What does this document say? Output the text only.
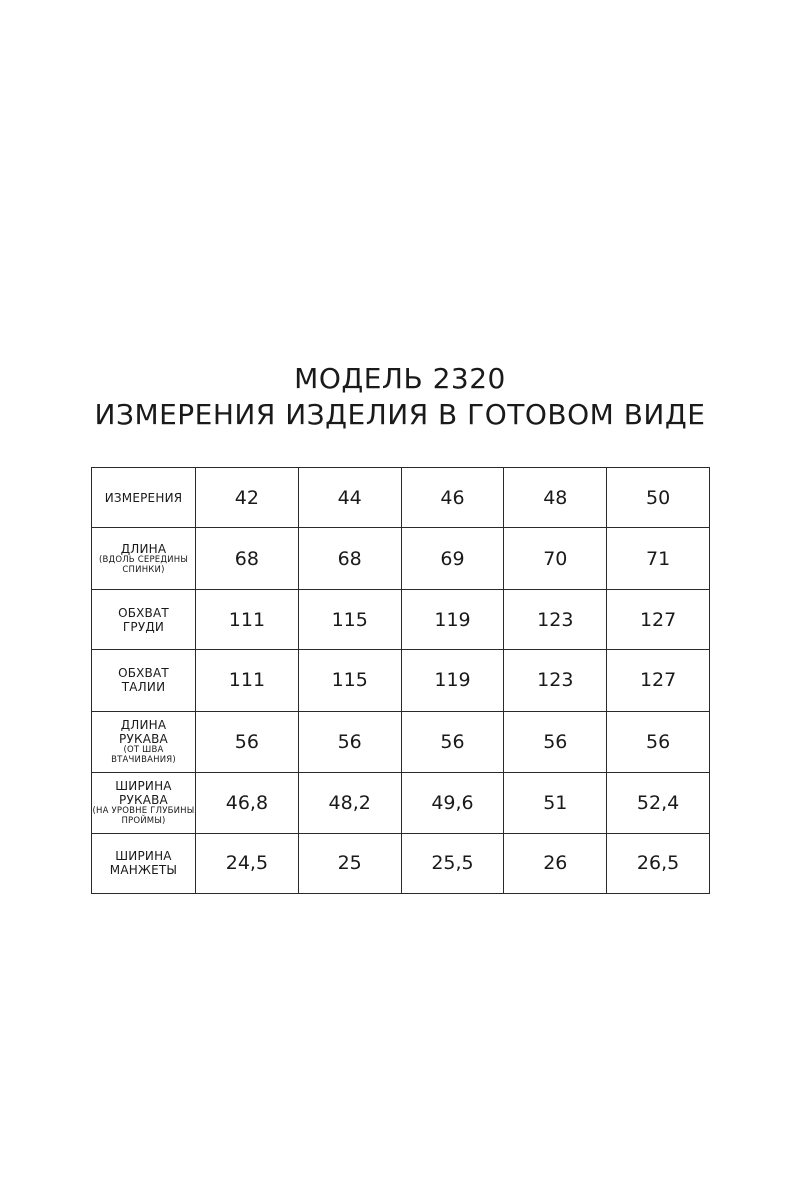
МОДЕЛЬ 2320
ИЗМЕРЕНИЯ ИЗДЕЛИЯ В ГОТОВОМ ВИДЕ
ИЗМЕРЕНИЯ	42	44	46	48	50

ДЛИНА
(ВДОЛЬ СЕРЕДИНЫ СПИНКИ)	68	68	69	70	71

ОБХВАТ
ГРУДИ	111	115	119	123	127

ОБХВАТ
ТАЛИИ	111	115	119	123	127

ДЛИНА
РУКАВА
(ОТ ШВА ВТАЧИВАНИЯ)	56	56	56	56	56

ШИРИНА
РУКАВА
(НА УРОВНЕ ГЛУБИНЫ ПРОЙМЫ)	46,8	48,2	49,6	51	52,4

ШИРИНА
МАНЖЕТЫ	24,5	25	25,5	26	26,5
